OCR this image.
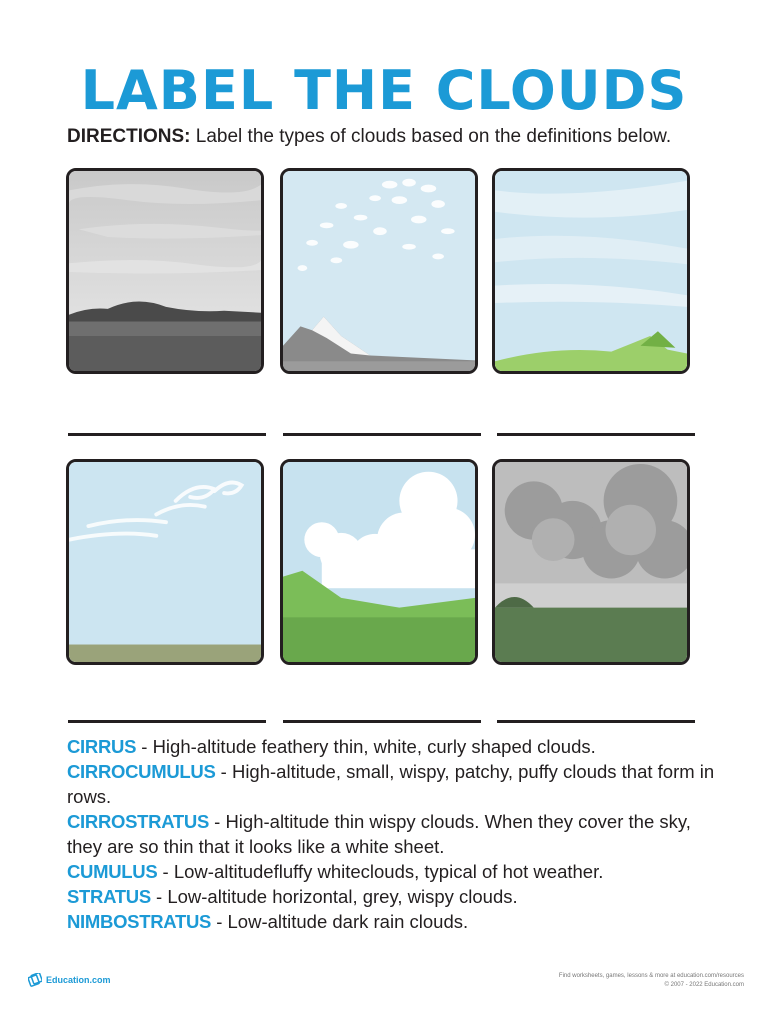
LABEL THE CLOUDS

DIRECTIONS: Label the types of clouds based on the definitions below.

CIRRUS - High-altitude feathery thin, white, curly shaped clouds.

CIRROCUMULUS - High-altitude, small, wispy, patchy, puffy clouds that form in rows.

CIRROSTRATUS - High-altitude thin wispy clouds. When they cover the sky, they are so thin that it looks like a white sheet.

CUMULUS - Low-altitudefluffy whiteclouds, typical of hot weather.

STRATUS - Low-altitude horizontal, grey, wispy clouds.

NIMBOSTRATUS - Low-altitude dark rain clouds.

Education.com	Find worksheets, games, lessons & more at education.com/resources
© 2007 - 2022 Education.com
